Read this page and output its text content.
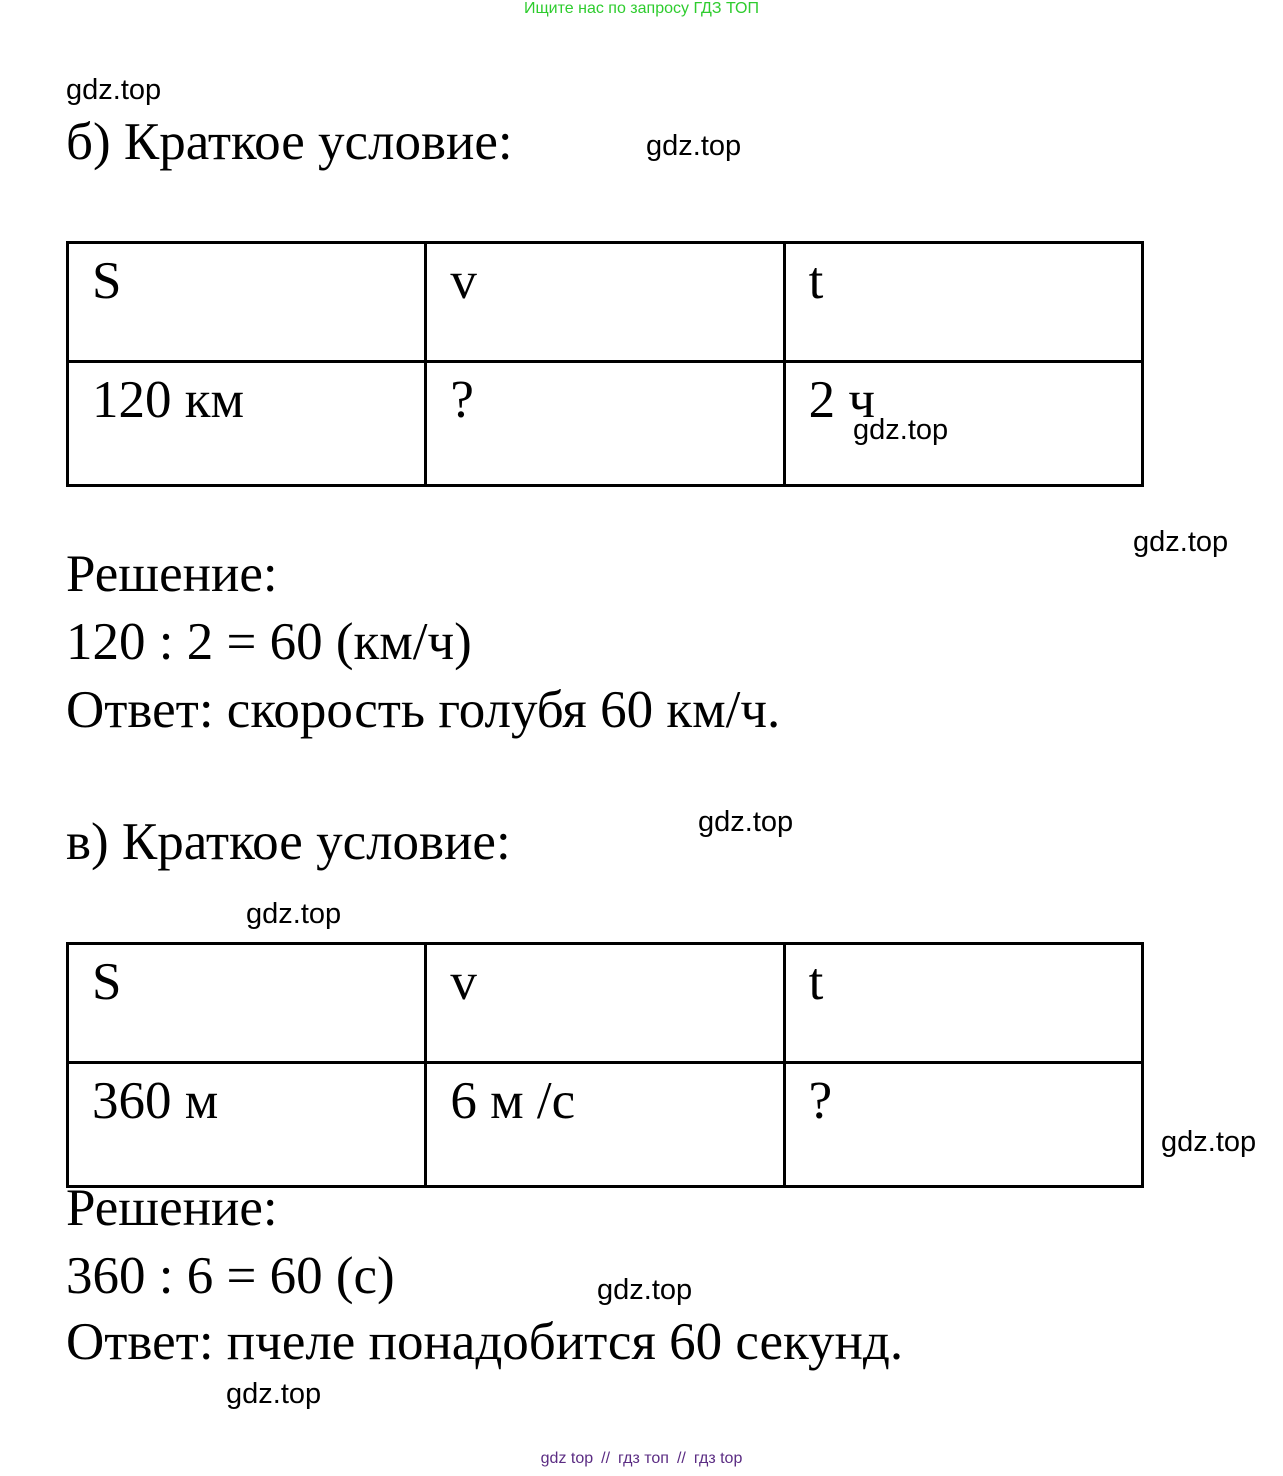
Ищите нас по запросу ГДЗ ТОП
gdz.top
б) Краткое условие:	gdz.top
S	v	t
120 км	?	2 ч
gdz.top
gdz.top
Решение:
120 : 2 = 60 (км/ч)
Ответ: скорость голубя 60 км/ч.
gdz.top
в) Краткое условие:
gdz.top
S	v	t
360 м	6 м /с	?
gdz.top
Решение:
360 : 6 = 60 (с)	gdz.top
Ответ: пчеле понадобится 60 секунд.
gdz.top
gdz top // гдз топ // гдз top
